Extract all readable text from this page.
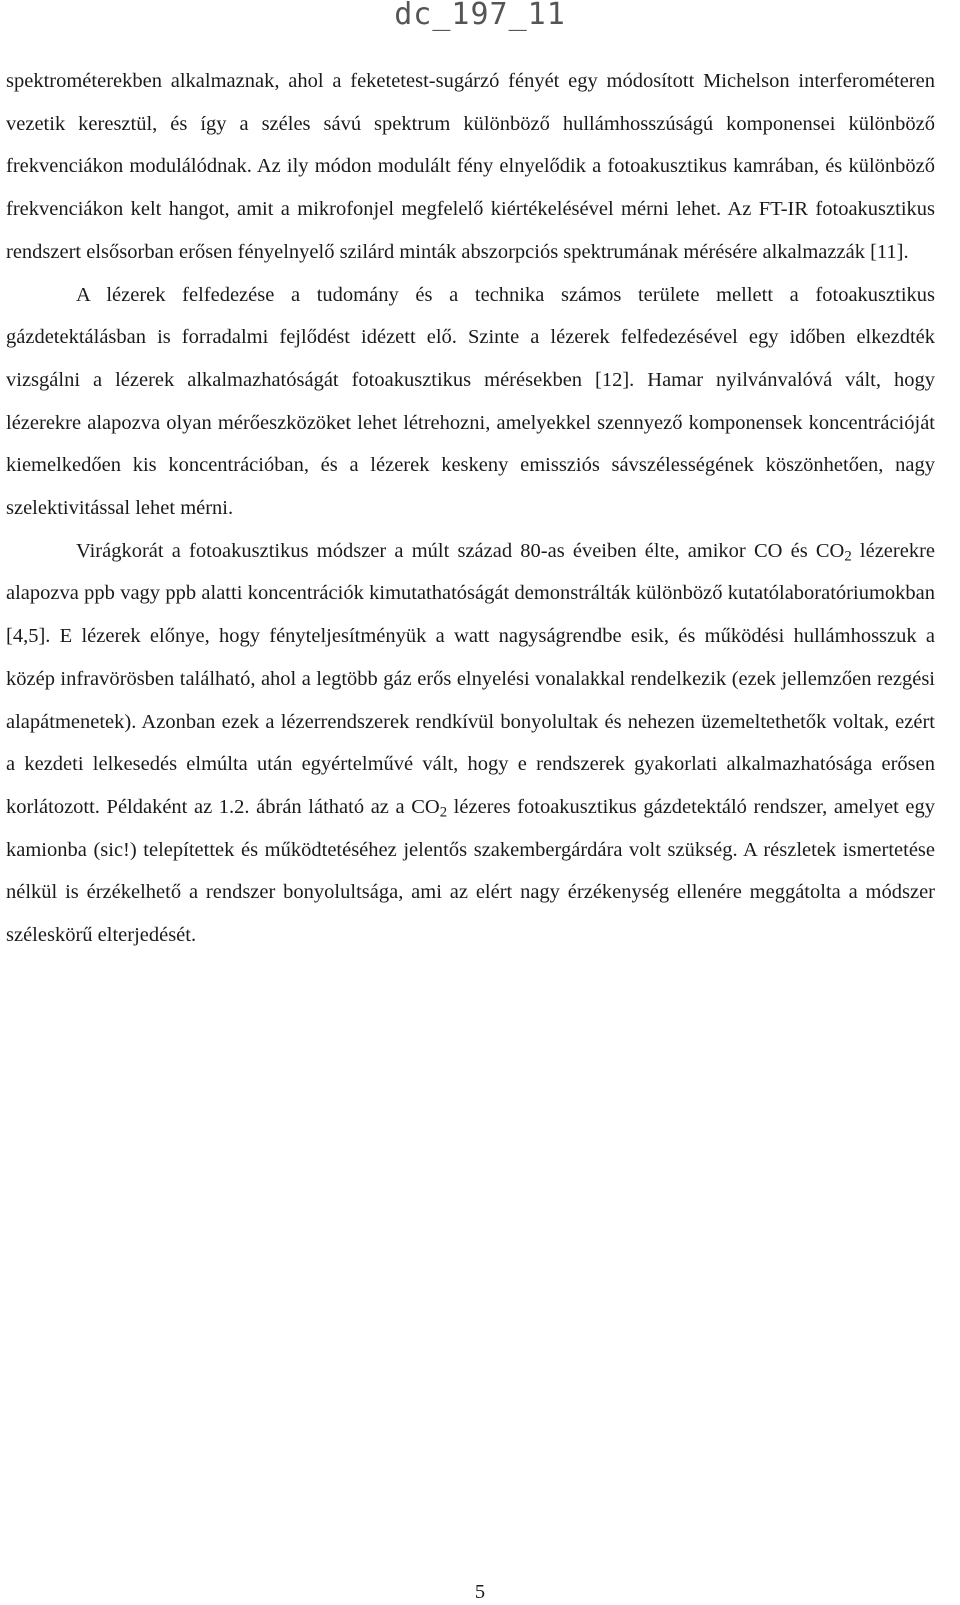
dc_197_11

spektrométerekben alkalmaznak, ahol a feketetest-sugárzó fényét egy módosított Michelson interferométeren vezetik keresztül, és így a széles sávú spektrum különböző hullámhosszúságú komponensei különböző frekvenciákon modulálódnak. Az ily módon modulált fény elnyelődik a fotoakusztikus kamrában, és különböző frekvenciákon kelt hangot, amit a mikrofonjel megfelelő kiértékelésével mérni lehet. Az FT-IR fotoakusztikus rendszert elsősorban erősen fényelnyelő szilárd minták abszorpciós spektrumának mérésére alkalmazzák [11].

A lézerek felfedezése a tudomány és a technika számos területe mellett a fotoakusztikus gázdetektálásban is forradalmi fejlődést idézett elő. Szinte a lézerek felfedezésével egy időben elkezdték vizsgálni a lézerek alkalmazhatóságát fotoakusztikus mérésekben [12]. Hamar nyilvánvalóvá vált, hogy lézerekre alapozva olyan mérőeszközöket lehet létrehozni, amelyekkel szennyező komponensek koncentrációját kiemelkedően kis koncentrációban, és a lézerek keskeny emissziós sávszélességének köszönhetően, nagy szelektivitással lehet mérni.

Virágkorát a fotoakusztikus módszer a múlt század 80-as éveiben élte, amikor CO és $CO_2$ lézerekre alapozva ppb vagy ppb alatti koncentrációk kimutathatóságát demonstrálták különböző kutatólaboratóriumokban [4,5]. E lézerek előnye, hogy fényteljesítményük a watt nagyságrendbe esik, és működési hullámhosszuk a közép infravörösben található, ahol a legtöbb gáz erős elnyelési vonalakkal rendelkezik (ezek jellemzően rezgési alapátmenetek). Azonban ezek a lézerrendszerek rendkívül bonyolultak és nehezen üzemeltethetők voltak, ezért a kezdeti lelkesedés elmúlta után egyértelművé vált, hogy e rendszerek gyakorlati alkalmazhatósága erősen korlátozott. Példaként az 1.2. ábrán látható az a $CO_2$ lézeres fotoakusztikus gázdetektáló rendszer, amelyet egy kamionba (sic!) telepítettek és működtetéséhez jelentős szakembergárdára volt szükség. A részletek ismertetése nélkül is érzékelhető a rendszer bonyolultsága, ami az elért nagy érzékenység ellenére meggátolta a módszer széleskörű elterjedését.

5
